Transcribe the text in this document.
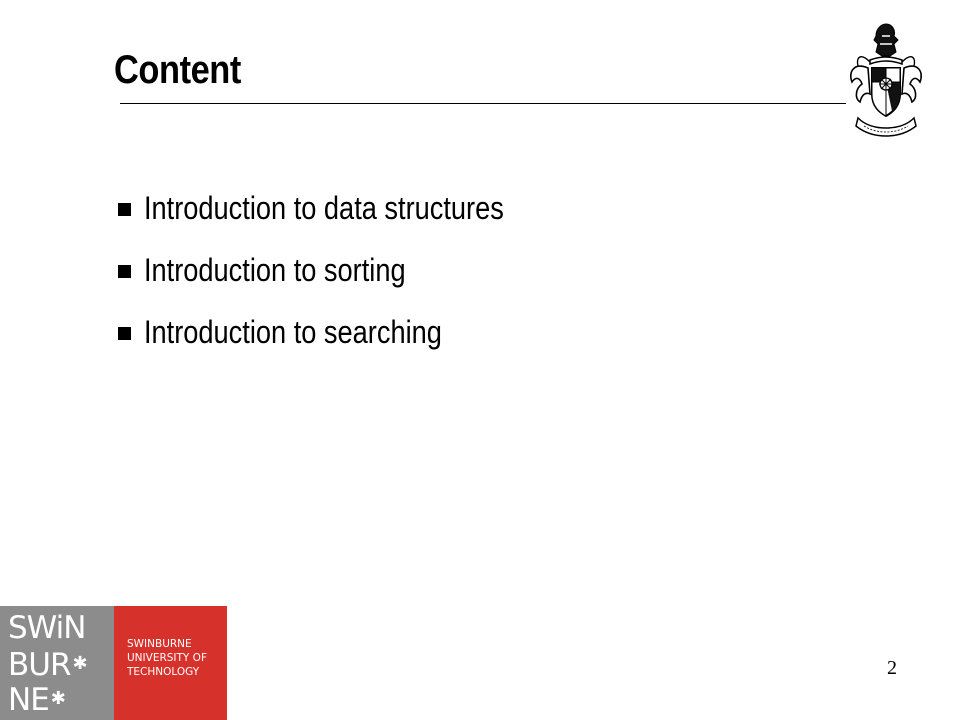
Content
Introduction to data structures
Introduction to sorting
Introduction to searching
2
SWiN
BUR ✱
NE ✱
SWINBURNE
UNIVERSITY OF
TECHNOLOGY
